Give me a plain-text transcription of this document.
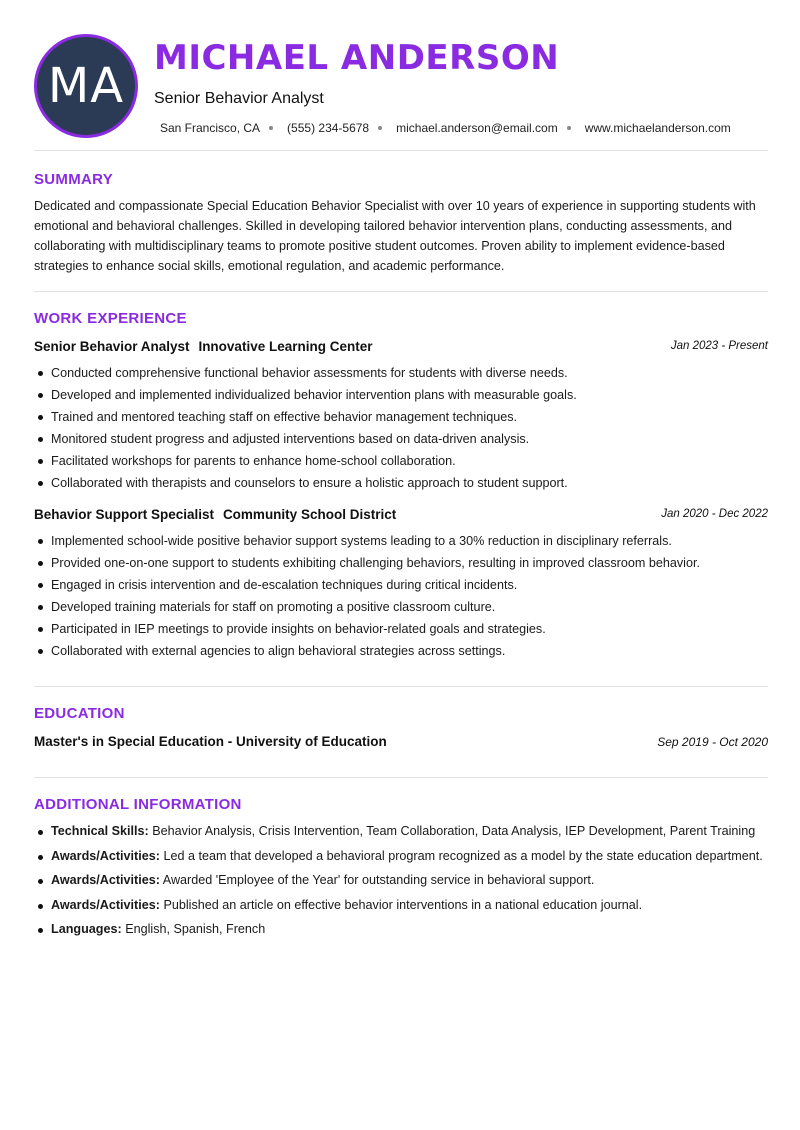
MA MICHAEL ANDERSON
Senior Behavior Analyst
San Francisco, CA (555) 234-5678 michael.anderson@email.com www.michaelanderson.com
SUMMARY
Dedicated and compassionate Special Education Behavior Specialist with over 10 years of experience in supporting students with emotional and behavioral challenges. Skilled in developing tailored behavior intervention plans, conducting assessments, and collaborating with multidisciplinary teams to promote positive student outcomes. Proven ability to implement evidence-based strategies to enhance social skills, emotional regulation, and academic performance.
WORK EXPERIENCE
Senior Behavior Analyst Innovative Learning Center	Jan 2023 - Present
Conducted comprehensive functional behavior assessments for students with diverse needs.
Developed and implemented individualized behavior intervention plans with measurable goals.
Trained and mentored teaching staff on effective behavior management techniques.
Monitored student progress and adjusted interventions based on data-driven analysis.
Facilitated workshops for parents to enhance home-school collaboration.
Collaborated with therapists and counselors to ensure a holistic approach to student support.
Behavior Support Specialist Community School District	Jan 2020 - Dec 2022
Implemented school-wide positive behavior support systems leading to a 30% reduction in disciplinary referrals.
Provided one-on-one support to students exhibiting challenging behaviors, resulting in improved classroom behavior.
Engaged in crisis intervention and de-escalation techniques during critical incidents.
Developed training materials for staff on promoting a positive classroom culture.
Participated in IEP meetings to provide insights on behavior-related goals and strategies.
Collaborated with external agencies to align behavioral strategies across settings.
EDUCATION
Master's in Special Education - University of Education	Sep 2019 - Oct 2020
ADDITIONAL INFORMATION
Technical Skills: Behavior Analysis, Crisis Intervention, Team Collaboration, Data Analysis, IEP Development, Parent Training
Awards/Activities: Led a team that developed a behavioral program recognized as a model by the state education department.
Awards/Activities: Awarded 'Employee of the Year' for outstanding service in behavioral support.
Awards/Activities: Published an article on effective behavior interventions in a national education journal.
Languages: English, Spanish, French
